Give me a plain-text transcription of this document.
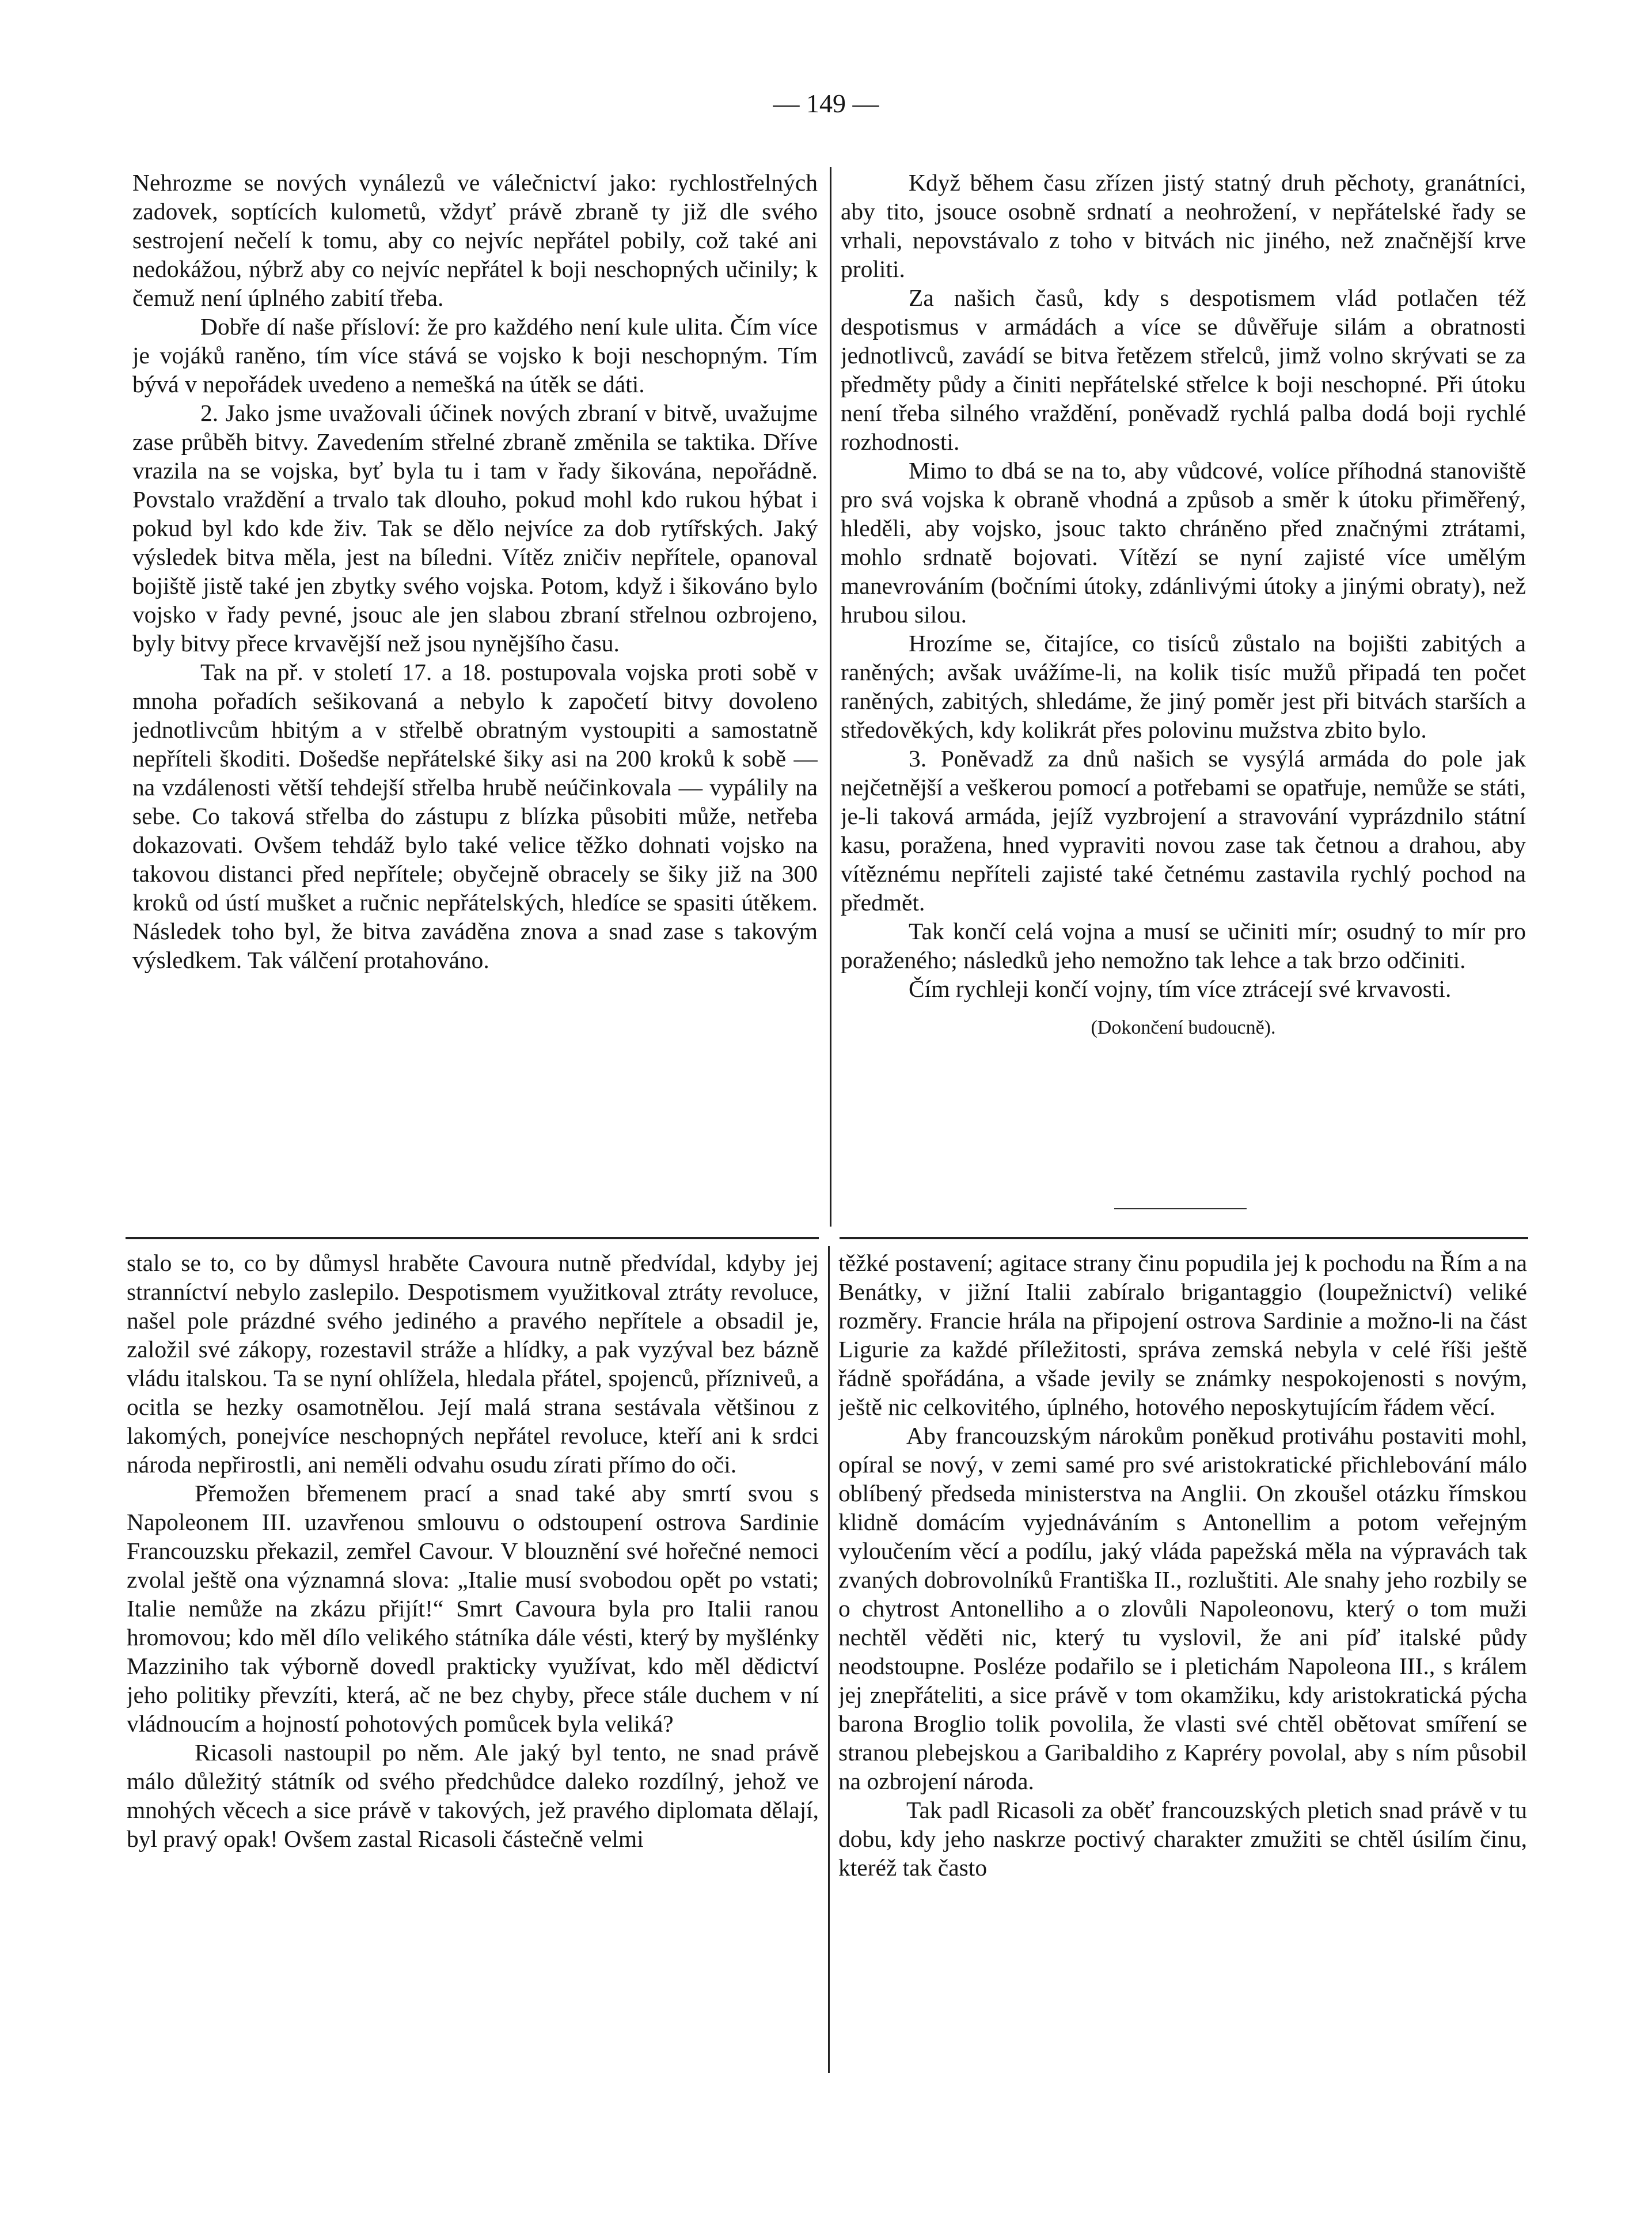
— 149 —

Nehrozme se nových vynálezů ve válečnictví jako: rychlostřelných zadovek, soptících kulometů, vždyť právě zbraně ty již dle svého sestrojení nečelí k tomu, aby co nejvíc nepřátel pobily, což také ani nedokážou, nýbrž aby co nejvíc nepřátel k boji neschopných učinily; k čemuž není úplného zabití třeba.

Dobře dí naše přísloví: že pro každého není kule ulita. Čím více je vojáků raněno, tím více stává se vojsko k boji neschopným. Tím bývá v nepořádek uvedeno a nemešká na útěk se dáti.

2. Jako jsme uvažovali účinek nových zbraní v bitvě, uvažujme zase průběh bitvy. Zavedením střelné zbraně změnila se taktika. Dříve vrazila na se vojska, byť byla tu i tam v řady šikována, nepořádně. Povstalo vraždění a trvalo tak dlouho, pokud mohl kdo rukou hýbat i pokud byl kdo kde živ. Tak se dělo nejvíce za dob rytířských. Jaký výsledek bitva měla, jest na bíledni. Vítěz zničiv nepřítele, opanoval bojiště jistě také jen zbytky svého vojska. Potom, když i šikováno bylo vojsko v řady pevné, jsouc ale jen slabou zbraní střelnou ozbrojeno, byly bitvy přece krvavější než jsou nynějšího času.

Tak na př. v století 17. a 18. postupovala vojska proti sobě v mnoha pořadích sešikovaná a nebylo k započetí bitvy dovoleno jednotlivcům hbitým a v střelbě obratným vystoupiti a samostatně nepříteli škoditi. Došedše nepřátelské šiky asi na 200 kroků k sobě — na vzdálenosti větší tehdejší střelba hrubě neúčinkovala — vypálily na sebe. Co taková střelba do zástupu z blízka působiti může, netřeba dokazovati. Ovšem tehdáž bylo také velice těžko dohnati vojsko na takovou distanci před nepřítele; obyčejně obracely se šiky již na 300 kroků od ústí mušket a ručnic nepřátelských, hledíce se spasiti útěkem. Následek toho byl, že bitva zaváděna znova a snad zase s takovým výsledkem. Tak válčení protahováno.

Když během času zřízen jistý statný druh pěchoty, granátníci, aby tito, jsouce osobně srdnatí a neohrožení, v nepřátelské řady se vrhali, nepovstávalo z toho v bitvách nic jiného, než značnější krve proliti.

Za našich časů, kdy s despotismem vlád potlačen též despotismus v armádách a více se důvěřuje silám a obratnosti jednotlivců, zavádí se bitva řetězem střelců, jimž volno skrývati se za předměty půdy a činiti nepřátelské střelce k boji neschopné. Při útoku není třeba silného vraždění, poněvadž rychlá palba dodá boji rychlé rozhodnosti.

Mimo to dbá se na to, aby vůdcové, volíce příhodná stanoviště pro svá vojska k obraně vhodná a způsob a směr k útoku přiměřený, hleděli, aby vojsko, jsouc takto chráněno před značnými ztrátami, mohlo srdnatě bojovati. Vítězí se nyní zajisté více umělým manevrováním (bočními útoky, zdánlivými útoky a jinými obraty), než hrubou silou.

Hrozíme se, čitajíce, co tisíců zůstalo na bojišti zabitých a raněných; avšak uvážíme-li, na kolik tisíc mužů připadá ten počet raněných, zabitých, shledáme, že jiný poměr jest při bitvách starších a středověkých, kdy kolikrát přes polovinu mužstva zbito bylo.

3. Poněvadž za dnů našich se vysýlá armáda do pole jak nejčetnější a veškerou pomocí a potřebami se opatřuje, nemůže se státi, je-li taková armáda, jejíž vyzbrojení a stravování vyprázdnilo státní kasu, poražena, hned vypraviti novou zase tak četnou a drahou, aby vítěznému nepříteli zajisté také četnému zastavila rychlý pochod na předmět.

Tak končí celá vojna a musí se učiniti mír; osudný to mír pro poraženého; následků jeho nemožno tak lehce a tak brzo odčiniti.

Čím rychleji končí vojny, tím více ztrácejí své krvavosti.

(Dokončení budoucně).

stalo se to, co by důmysl hraběte Cavoura nutně předvídal, kdyby jej stranníctví nebylo zaslepilo. Despotismem využitkoval ztráty revoluce, našel pole prázdné svého jediného a pravého nepřítele a obsadil je, založil své zákopy, rozestavil stráže a hlídky, a pak vyzýval bez bázně vládu italskou. Ta se nyní ohlížela, hledala přátel, spojenců, přízniveů, a ocitla se hezky osamotnělou. Její malá strana sestávala většinou z lakomých, ponejvíce neschopných nepřátel revoluce, kteří ani k srdci národa nepřirostli, ani neměli odvahu osudu zírati přímo do oči.

Přemožen břemenem prací a snad také aby smrtí svou s Napoleonem III. uzavřenou smlouvu o odstoupení ostrova Sardinie Francouzsku překazil, zemřel Cavour. V blouznění své hořečné nemoci zvolal ještě ona významná slova: „Italie musí svobodou opět po vstati; Italie nemůže na zkázu přijít!“ Smrt Cavoura byla pro Italii ranou hromovou; kdo měl dílo velikého státníka dále vésti, který by myšlénky Mazziniho tak výborně dovedl prakticky využívat, kdo měl dědictví jeho politiky převzíti, která, ač ne bez chyby, přece stále duchem v ní vládnoucím a hojností pohotových pomůcek byla veliká?

Ricasoli nastoupil po něm. Ale jaký byl tento, ne snad právě málo důležitý státník od svého předchůdce daleko rozdílný, jehož ve mnohých věcech a sice právě v takových, jež pravého diplomata dělají, byl pravý opak! Ovšem zastal Ricasoli částečně velmi

těžké postavení; agitace strany činu popudila jej k pochodu na Řím a na Benátky, v jižní Italii zabíralo brigantaggio (loupežnictví) veliké rozměry. Francie hrála na připojení ostrova Sardinie a možno-li na část Ligurie za každé příležitosti, správa zemská nebyla v celé říši ještě řádně spořádána, a všade jevily se známky nespokojenosti s novým, ještě nic celkovitého, úplného, hotového neposkytujícím řádem věcí.

Aby francouzským nárokům poněkud protiváhu postaviti mohl, opíral se nový, v zemi samé pro své aristokratické přichlebování málo oblíbený předseda ministerstva na Anglii. On zkoušel otázku římskou klidně domácím vyjednáváním s Antonellim a potom veřejným vyloučením věcí a podílu, jaký vláda papežská měla na výpravách tak zvaných dobrovolníků Františka II., rozluštiti. Ale snahy jeho rozbily se o chytrost Antonelliho a o zlovůli Napoleonovu, který o tom muži nechtěl věděti nic, který tu vyslovil, že ani píď italské půdy neodstoupne. Posléze podařilo se i pletichám Napoleona III., s králem jej znepřáteliti, a sice právě v tom okamžiku, kdy aristokratická pýcha barona Broglio tolik povolila, že vlasti své chtěl obětovat smíření se stranou plebejskou a Garibaldiho z Kapréry povolal, aby s ním působil na ozbrojení národa.

Tak padl Ricasoli za oběť francouzských pletich snad právě v tu dobu, kdy jeho naskrze poctivý charakter zmužiti se chtěl úsilím činu, kteréž tak často
